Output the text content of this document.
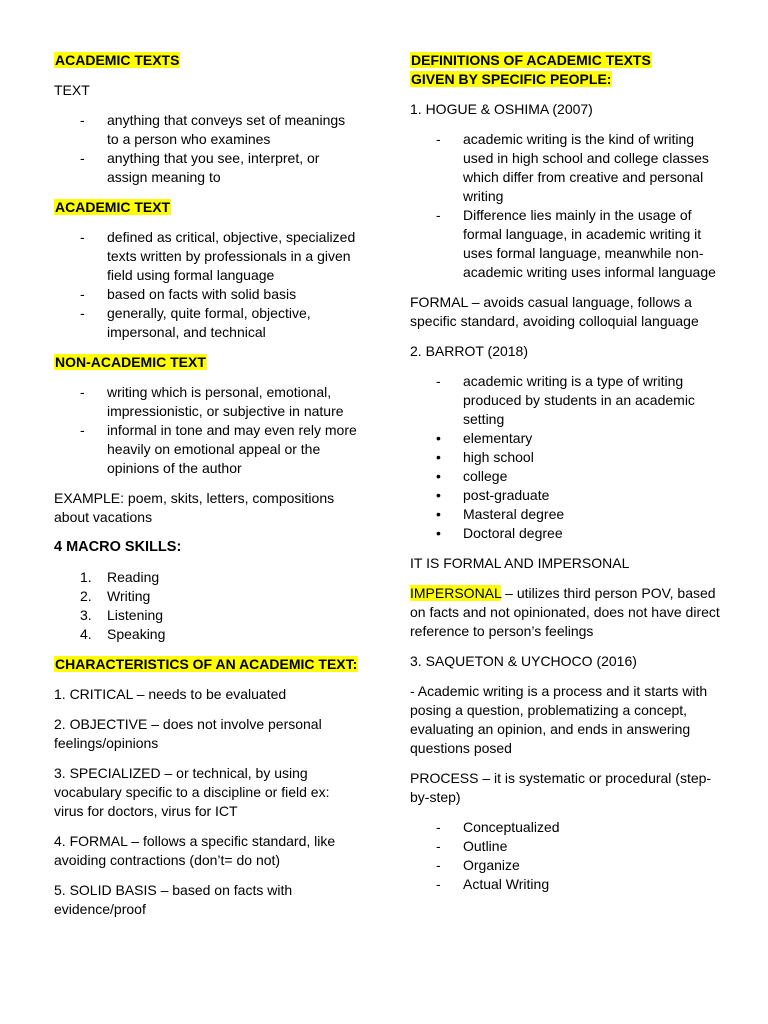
ACADEMIC TEXTS
TEXT
- anything that conveys set of meanings to a person who examines
- anything that you see, interpret, or assign meaning to
ACADEMIC TEXT
- defined as critical, objective, specialized texts written by professionals in a given field using formal language
- based on facts with solid basis
- generally, quite formal, objective, impersonal, and technical
NON-ACADEMIC TEXT
- writing which is personal, emotional, impressionistic, or subjective in nature
- informal in tone and may even rely more heavily on emotional appeal or the opinions of the author
EXAMPLE: poem, skits, letters, compositions about vacations
4 MACRO SKILLS:
1. Reading
2. Writing
3. Listening
4. Speaking
CHARACTERISTICS OF AN ACADEMIC TEXT:
1. CRITICAL – needs to be evaluated
2. OBJECTIVE – does not involve personal feelings/opinions
3. SPECIALIZED – or technical, by using vocabulary specific to a discipline or field ex: virus for doctors, virus for ICT
4. FORMAL – follows a specific standard, like avoiding contractions (don’t= do not)
5. SOLID BASIS – based on facts with evidence/proof
DEFINITIONS OF ACADEMIC TEXTS
GIVEN BY SPECIFIC PEOPLE:
1. HOGUE & OSHIMA (2007)
- academic writing is the kind of writing used in high school and college classes which differ from creative and personal writing
- Difference lies mainly in the usage of formal language, in academic writing it uses formal language, meanwhile non-academic writing uses informal language
FORMAL – avoids casual language, follows a specific standard, avoiding colloquial language
2. BARROT (2018)
- academic writing is a type of writing produced by students in an academic setting
• elementary
• high school
• college
• post-graduate
• Masteral degree
• Doctoral degree
IT IS FORMAL AND IMPERSONAL
IMPERSONAL – utilizes third person POV, based on facts and not opinionated, does not have direct reference to person’s feelings
3. SAQUETON & UYCHOCO (2016)
- Academic writing is a process and it starts with posing a question, problematizing a concept, evaluating an opinion, and ends in answering questions posed
PROCESS – it is systematic or procedural (step-by-step)
- Conceptualized
- Outline
- Organize
- Actual Writing
